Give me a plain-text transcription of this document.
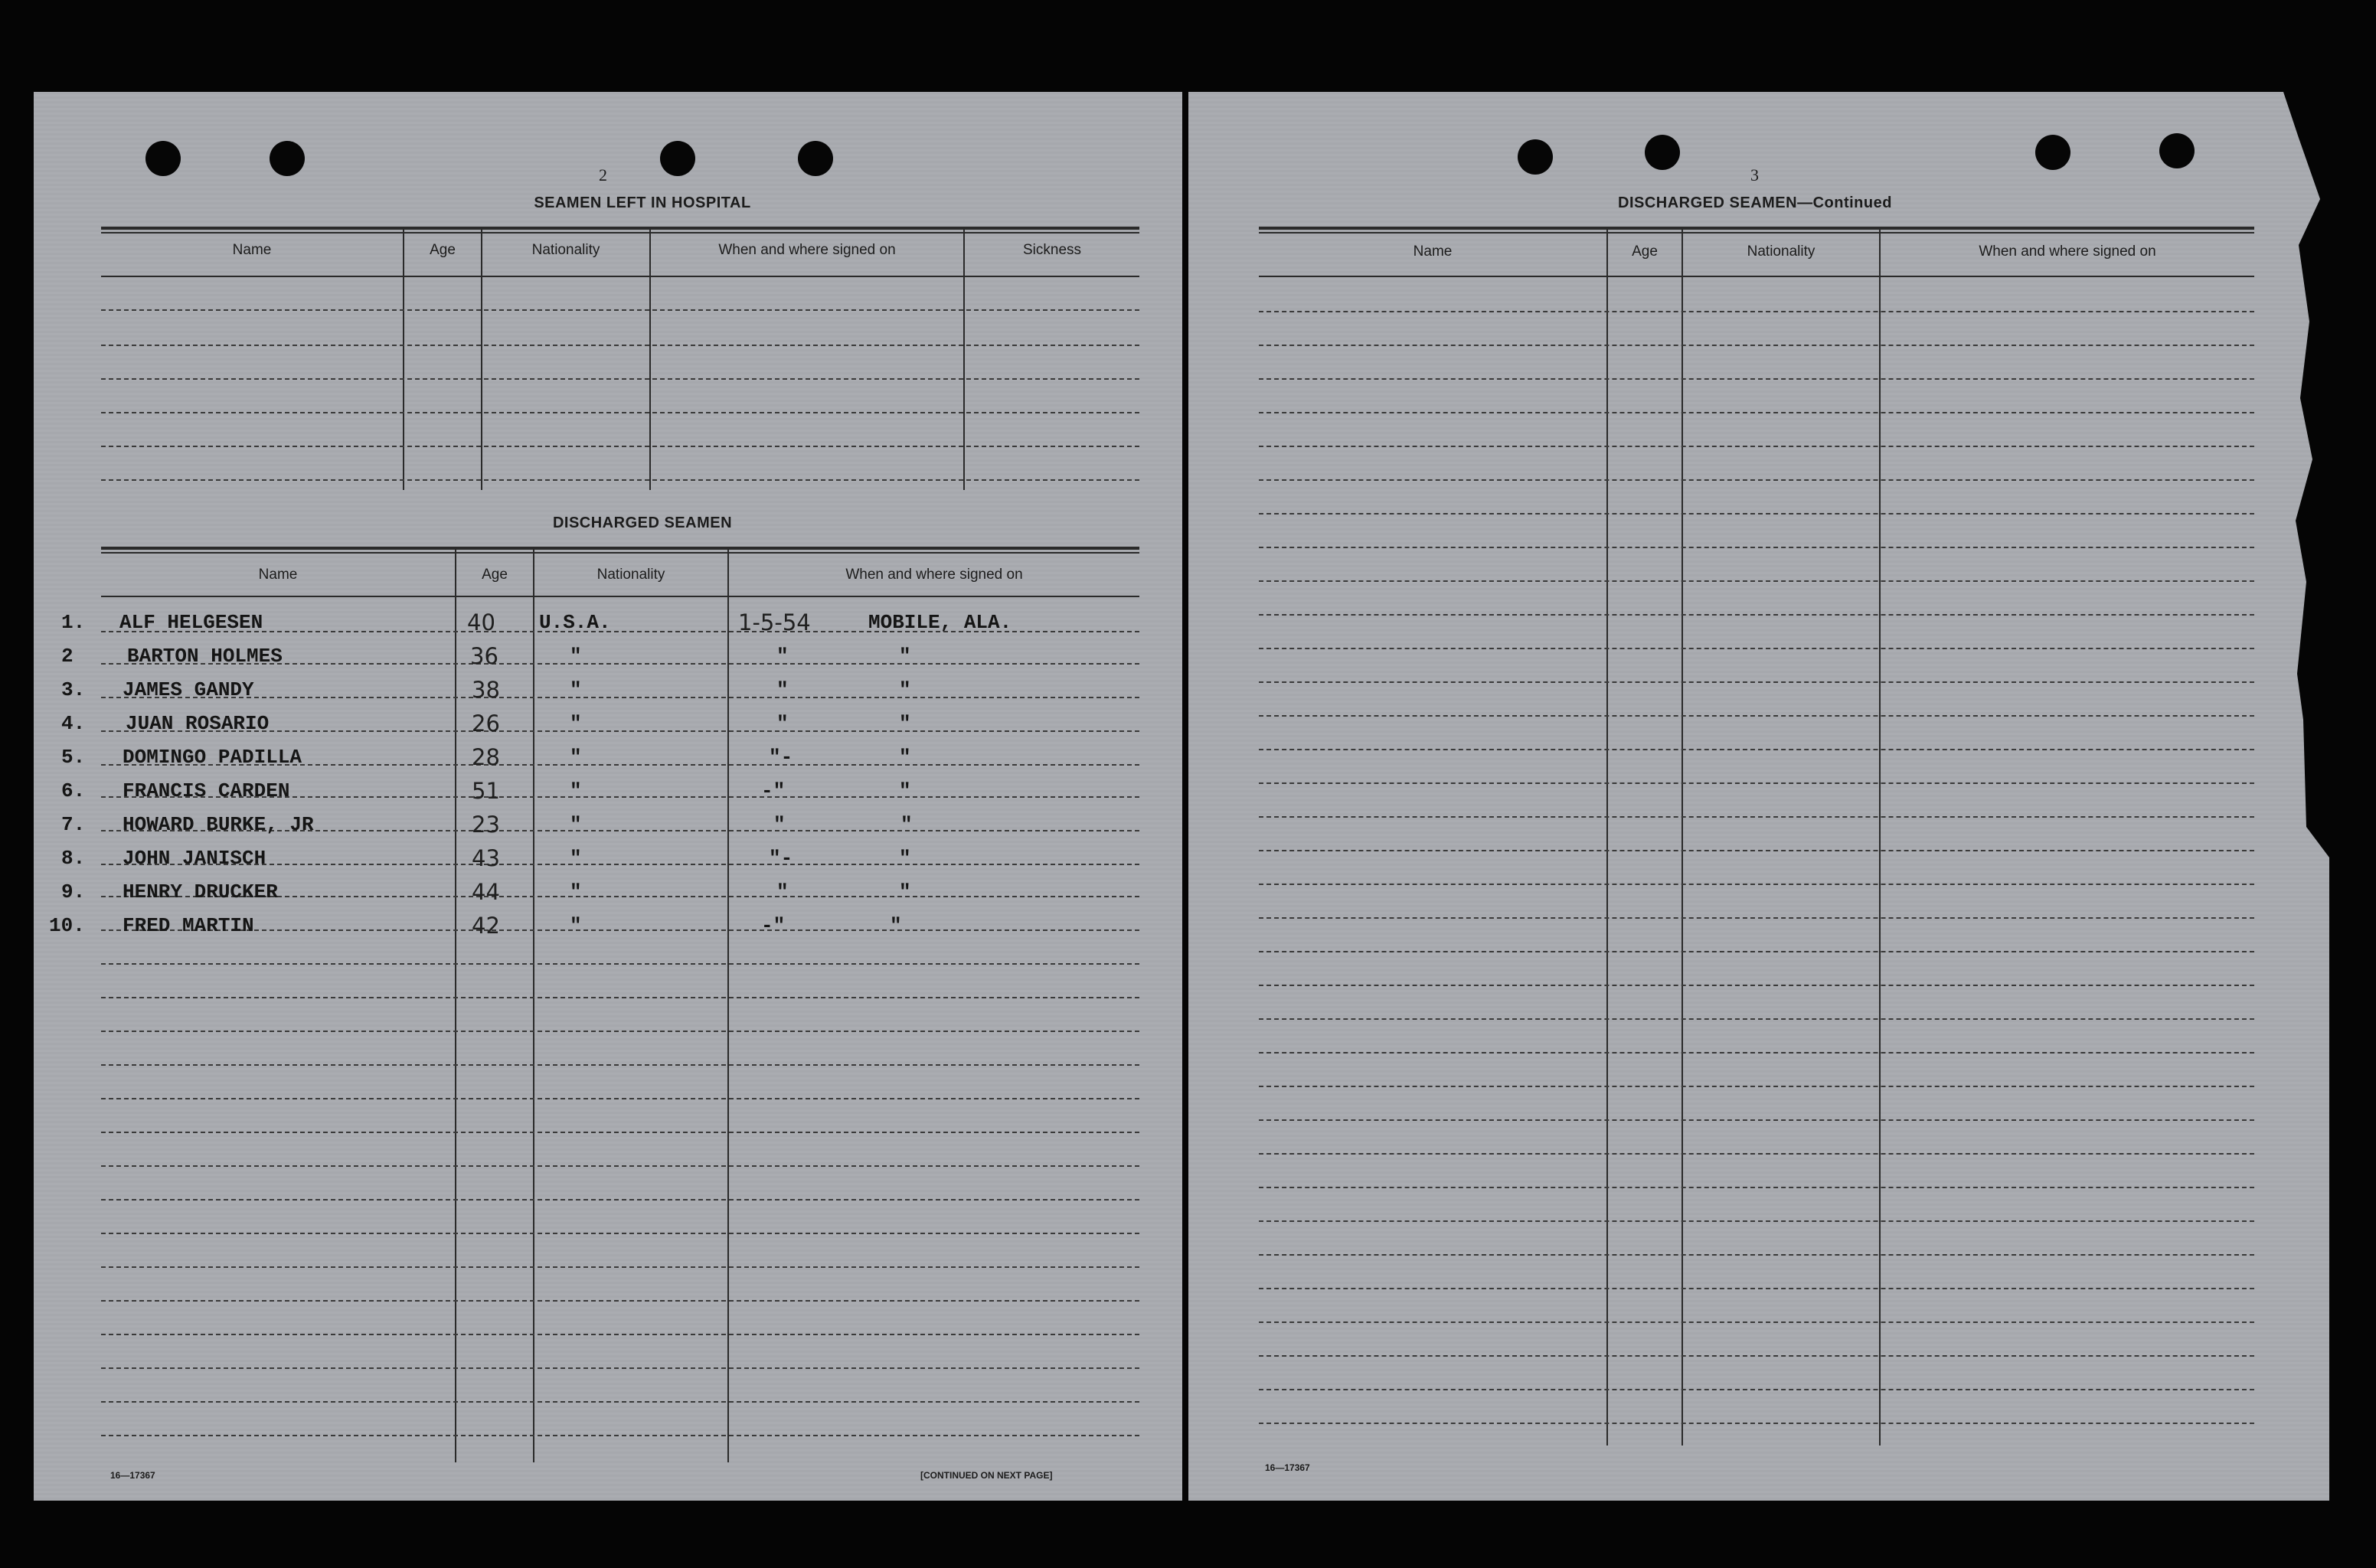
2
SEAMEN LEFT IN HOSPITAL
Name	Age	Nationality	When and where signed on	Sickness
DISCHARGED SEAMEN
Name	Age	Nationality	When and where signed on
1. ALF HELGESEN	40 U.S.A.	1-5-54	MOBILE, ALA.
2	BARTON HOLMES	36	"	"	"
3. JAMES GANDY	38	"	"	"
4. JUAN ROSARIO	26	"	"	"
5. DOMINGO PADILLA	28	"	"-	"
6. FRANCIS CARDEN	51	"	-"	"
7. HOWARD BURKE, JR	23	"	"	"
8. JOHN JANISCH	43	"	"-	"
9. HENRY DRUCKER	44	"	"	"
10. FRED MARTIN	42	"	-"	"
16—17367	[CONTINUED ON NEXT PAGE]
3
DISCHARGED SEAMEN—Continued
Name	Age	Nationality	When and where signed on
16—17367
